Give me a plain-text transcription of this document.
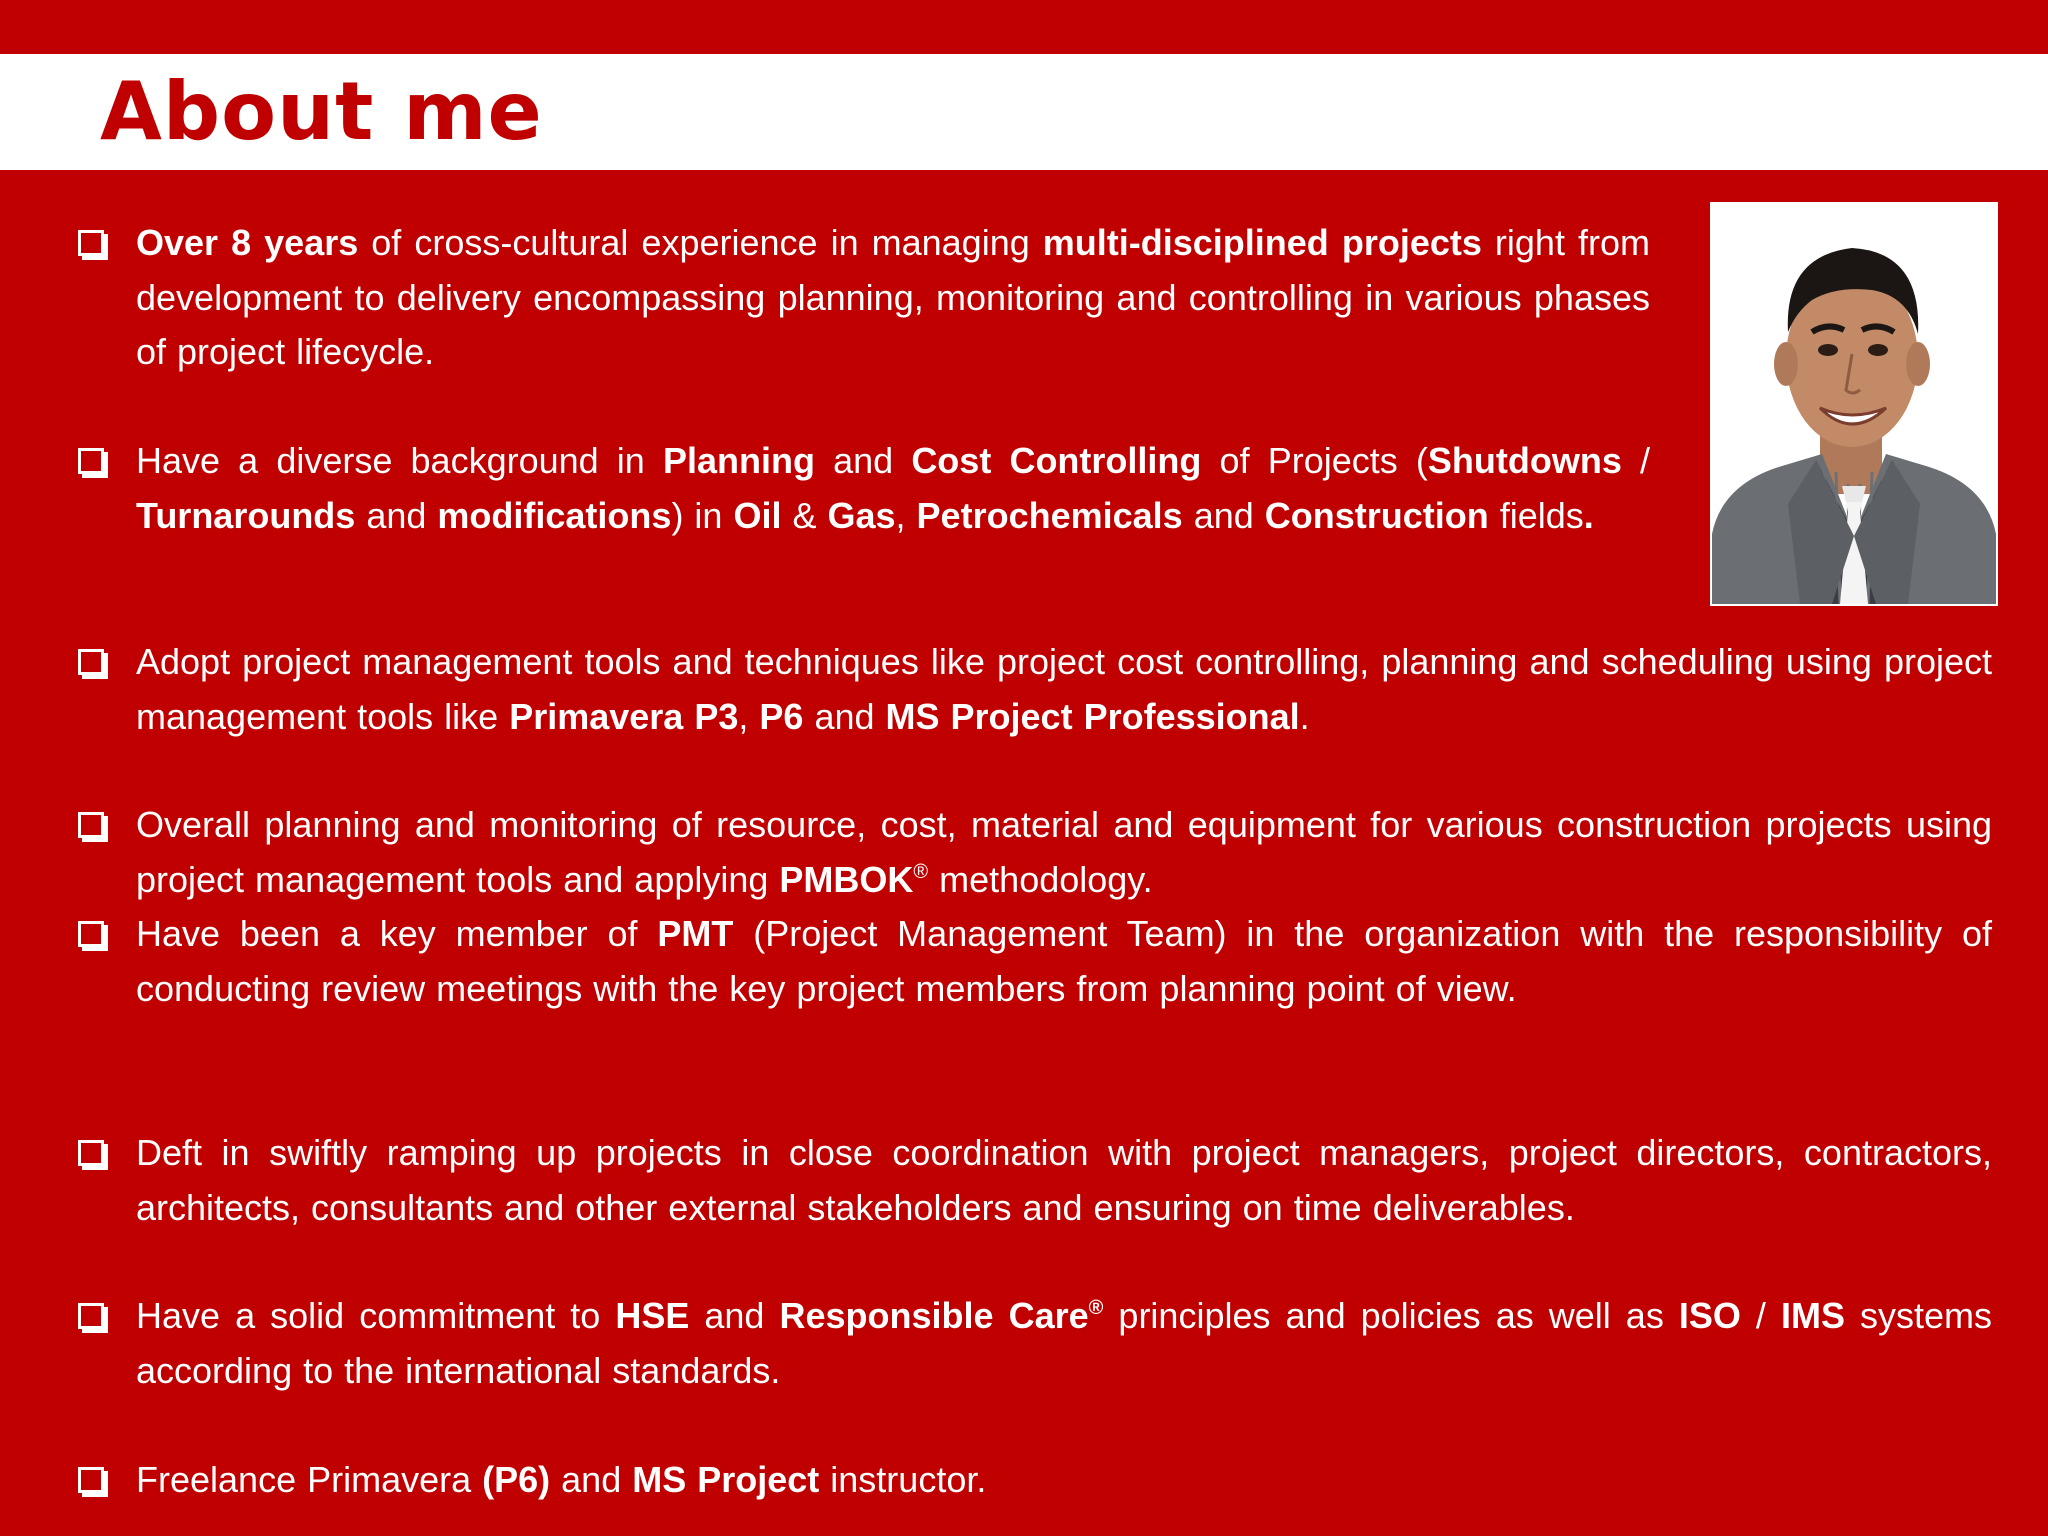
About me
Over 8 years of cross-cultural experience in managing multi-disciplined projects right from development to delivery encompassing planning, monitoring and controlling in various phases of project lifecycle.
Have a diverse background in Planning and Cost Controlling of Projects (Shutdowns / Turnarounds and modifications) in Oil & Gas, Petrochemicals and Construction fields.
Adopt project management tools and techniques like project cost controlling, planning and scheduling using project management tools like Primavera P3, P6 and MS Project Professional.
Overall planning and monitoring of resource, cost, material and equipment for various construction projects using project management tools and applying PMBOK® methodology.
Have been a key member of PMT (Project Management Team) in the organization with the responsibility of conducting review meetings with the key project members from planning point of view.
Deft in swiftly ramping up projects in close coordination with project managers, project directors, contractors, architects, consultants and other external stakeholders and ensuring on time deliverables.
Have a solid commitment to HSE and Responsible Care® principles and policies as well as ISO / IMS systems according to the international standards.
Freelance Primavera (P6) and MS Project instructor.
